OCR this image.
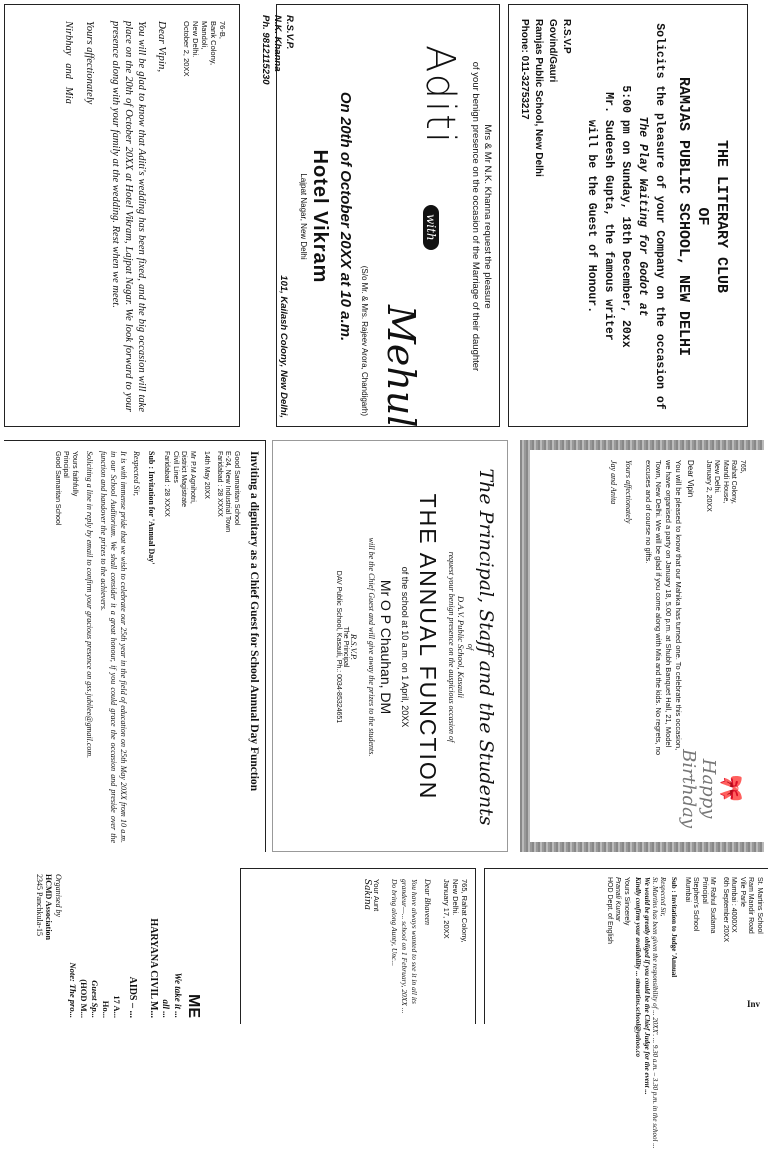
THE LITERARY CLUB
OF
RAMJAS PUBLIC SCHOOL, NEW DELHI
Solicits the pleasure of your Company on the occasion of
The Play Waiting for Godot at
5:00 pm on Sunday, 18th December, 20xx
Mr. Sudeesh Gupta, the famous writer
will be the Guest of Honour.
R.S.V.P
Govind/Gauri
Ramjas Public School, New Delhi
Phone: 011-32753217
Mrs & Mr N.K. Khanna request the pleasure
of your benign presence on the occasion of the Marriage of their daughter
Aditi
with
Mehul
(S/o Mr. & Mrs. Rajeev Arora, Chandigarh)
On 20th of October 20XX at 10 a.m.
Hotel Vikram
Lajpat Nagar, New Delhi
R.S.V.P.
N.K. Khanna
Ph. 9812115230
101, Kailash Colony, New Delhi,
76-B,
Bank Colony,
Mandoli,
New Delhi.
October 2, 20XX
Dear Vipin,

You will be glad to know that Aditi's wedding has been fixed, and the big occasion will take place on the 20th of October 20XX at Hotel Vikram, Lajpat Nagar. We look forward to your presence along with your family at the wedding. Rest when we meet.

Yours affectionately
Nirbhay   and   Mia
Inviting a dignitary as a Chief Guest for School Annual Day Function
Good Samaritan School
E-24, New Industrial Town
Faridabad : 28 XXXX
14th May 20XX
Mr P.M Agnihotri,
District Magistrate
Civil Lines
Faridabad : 28 XXXX
Sub : Invitation for 'Annual Day'
Respected Sir,

It is with immense pride that we wish to celebrate our 25th year in the field of education on 25th May 20XX from 10 a.m. in our School Auditorium. We shall consider it a great honour, if you could grace the occasion and preside over the function and handover the prizes to the achievers.

Soliciting a line in reply by email to confirm your gracious presence on gss.jubilee@gmail.com.

Yours faithfully
Principal
Good Samaritan School	The Principal, Staff and the Students
of
D.A.V. Public School, Kasauli
request your benign presence on the auspicious occasion of
THE ANNUAL FUNCTION
of the school at 10 a.m. on 1 April, 20XX
Mr O P Chauhan, DM
will be the Chief Guest and will give away the prizes to the students.
R.S.V.P.
The Principal
DAV Public School, Kasauli, Ph.: 0034-85324651
765,
Rahat Colony,
Mandi House,
New Delhi.
January 2, 20XX
Dear Vipin

You will be pleased to know that our Mahika has turned one. To celebrate this occasion, we have organised a party on January 18, 5.00 p.m. at Shubh Banquet Hall, 21, Model Town, New Delhi. We will be glad if you come along with Mia and the kids. No regrets, no excuses and of course no gifts.

Yours affectionately
Jay and Anita
🎀
Happy
Birthday
St. Martins School
Ram Mandir Road
Vile Parle
Mumbai : 4000XX
6th September 20XX
Mr Rahul Sudama
Principal
Stephen's School
Mumbai
Sub : Invitation to Judge 'Annual
Respected Sir,

St. Martins has been given the responsibility of ... 20XX'. ... 9.30 a.m. – 3.30 p.m. in the school ...

We would be greatly obliged if you could be the Chief Judge for the event ...

Kindly confirm your availability ... stmartins.school@yahoo.co

Yours Sincerely
Pranali Kumar
HOD Dept. of English
Inv
765, Rahat Colony,
New Delhi.
January 17, 20XX
Dear Bhaveen

You have always wanted to see it in all its grandeur—... school on 1 February, 20XX ... Do bring along Aunty, Unc...

Your Aunt
Sakina
ME
We take it ...
all ...
HARYANA CIVIL M...
AIDS – ...
17 A...
Ho...
Guest Sp...
(HOD M...
Note: The pro...
Organised by
HCMD Association
2345 Panchkula-15
